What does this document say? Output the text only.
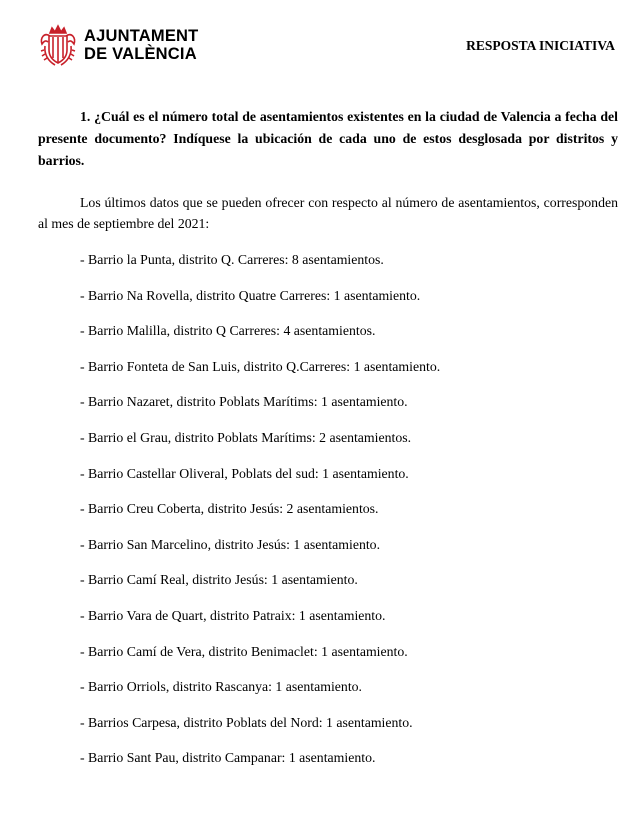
AJUNTAMENT
DE VALÈNCIA	RESPOSTA INICIATIVA
1. ¿Cuál es el número total de asentamientos existentes en la ciudad de Valencia a fecha del presente documento? Indíquese la ubicación de cada uno de estos desglosada por distritos y barrios.
Los últimos datos que se pueden ofrecer con respecto al número de asentamientos, corresponden al mes de septiembre del 2021:
- Barrio la Punta, distrito Q. Carreres: 8 asentamientos.
- Barrio Na Rovella, distrito Quatre Carreres: 1 asentamiento.
- Barrio Malilla, distrito Q Carreres: 4 asentamientos.
- Barrio Fonteta de San Luis, distrito Q.Carreres: 1 asentamiento.
- Barrio Nazaret, distrito Poblats Marítims: 1 asentamiento.
- Barrio el Grau, distrito Poblats Marítims: 2 asentamientos.
- Barrio Castellar Oliveral, Poblats del sud: 1 asentamiento.
- Barrio Creu Coberta, distrito Jesús: 2 asentamientos.
- Barrio San Marcelino, distrito Jesús: 1 asentamiento.
- Barrio Camí Real, distrito Jesús: 1 asentamiento.
- Barrio Vara de Quart, distrito Patraix: 1 asentamiento.
- Barrio Camí de Vera, distrito Benimaclet: 1 asentamiento.
- Barrio Orriols, distrito Rascanya: 1 asentamiento.
- Barrios Carpesa, distrito Poblats del Nord: 1 asentamiento.
- Barrio Sant Pau, distrito Campanar: 1 asentamiento.
